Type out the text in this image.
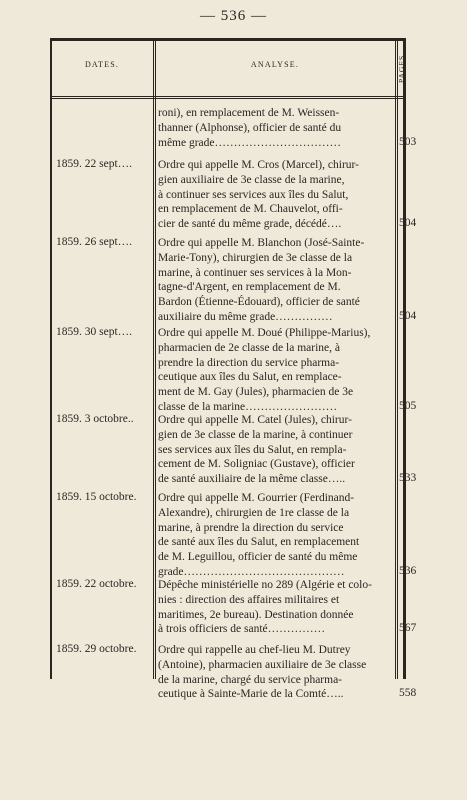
— 536 —
DATES.	ANALYSE.	PAGES.
roni), en remplacement de M. Weissen-
thanner (Alphonse), officier de santé du
même grade……………………………	503
1859. 22 sept…. Ordre qui appelle M. Cros (Marcel), chirur-
gien auxiliaire de 3e classe de la marine,
à continuer ses services aux îles du Salut,
en remplacement de M. Chauvelot, offi-
cier de santé du même grade, décédé….	504
1859. 26 sept…. Ordre qui appelle M. Blanchon (José-Sainte-
Marie-Tony), chirurgien de 3e classe de la
marine, à continuer ses services à la Mon-
tagne-d'Argent, en remplacement de M.
Bardon (Étienne-Édouard), officier de santé
auxiliaire du même grade……………	504
1859. 30 sept…. Ordre qui appelle M. Doué (Philippe-Marius),
pharmacien de 2e classe de la marine, à
prendre la direction du service pharma-
ceutique aux îles du Salut, en remplace-
ment de M. Gay (Jules), pharmacien de 3e
classe de la marine……………………	505
1859. 3 octobre.. Ordre qui appelle M. Catel (Jules), chirur-
gien de 3e classe de la marine, à continuer
ses services aux îles du Salut, en rempla-
cement de M. Soligniac (Gustave), officier
de santé auxiliaire de la même classe…..	533
1859. 15 octobre. Ordre qui appelle M. Gourrier (Ferdinand-
Alexandre), chirurgien de 1re classe de la
marine, à prendre la direction du service
de santé aux îles du Salut, en remplacement
de M. Leguillou, officier de santé du même
grade……………………………………	536
1859. 22 octobre. Dépêche ministérielle no 289 (Algérie et colo-
nies : direction des affaires militaires et
maritimes, 2e bureau). Destination donnée
à trois officiers de santé……………	567
1859. 29 octobre. Ordre qui rappelle au chef-lieu M. Dutrey
(Antoine), pharmacien auxiliaire de 3e classe
de la marine, chargé du service pharma-
ceutique à Sainte-Marie de la Comté…..	558
